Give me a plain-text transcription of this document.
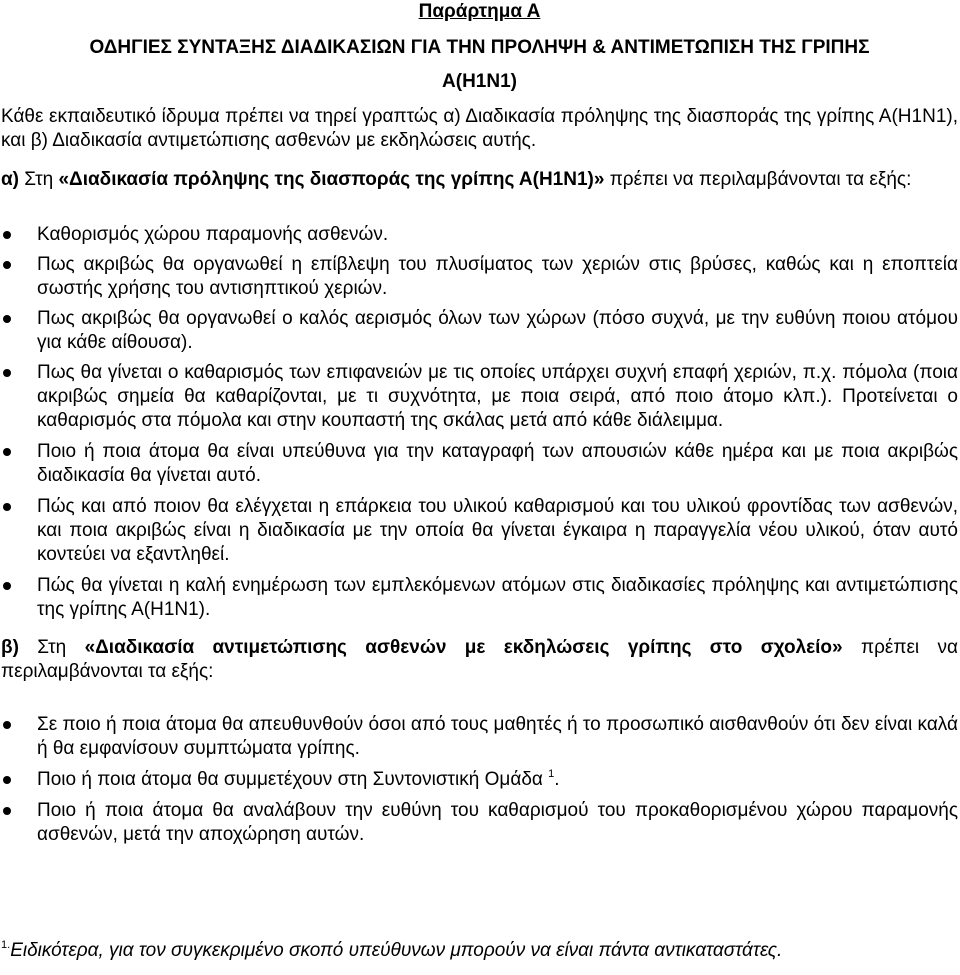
Παράρτημα Α
ΟΔΗΓΙΕΣ ΣΥΝΤΑΞΗΣ ΔΙΑΔΙΚΑΣΙΩΝ ΓΙΑ ΤΗΝ ΠΡΟΛΗΨΗ & ΑΝΤΙΜΕΤΩΠΙΣΗ ΤΗΣ ΓΡΙΠΗΣ
Α(Η1Ν1)
Κάθε εκπαιδευτικό ίδρυμα πρέπει να τηρεί γραπτώς α) Διαδικασία πρόληψης της διασποράς της γρίπης Α(Η1Ν1), και β) Διαδικασία αντιμετώπισης ασθενών με εκδηλώσεις αυτής.
α) Στη «Διαδικασία πρόληψης της διασποράς της γρίπης Α(Η1Ν1)» πρέπει να περιλαμβάνονται τα εξής:
Καθορισμός χώρου παραμονής ασθενών.
Πως ακριβώς θα οργανωθεί η επίβλεψη του πλυσίματος των χεριών στις βρύσες, καθώς και η εποπτεία σωστής χρήσης του αντισηπτικού χεριών.
Πως ακριβώς θα οργανωθεί ο καλός αερισμός όλων των χώρων (πόσο συχνά, με την ευθύνη ποιου ατόμου για κάθε αίθουσα).
Πως θα γίνεται ο καθαρισμός των επιφανειών με τις οποίες υπάρχει συχνή επαφή χεριών, π.χ. πόμολα (ποια ακριβώς σημεία θα καθαρίζονται, με τι συχνότητα, με ποια σειρά, από ποιο άτομο κλπ.). Προτείνεται ο καθαρισμός στα πόμολα και στην κουπαστή της σκάλας μετά από κάθε διάλειμμα.
Ποιο ή ποια άτομα θα είναι υπεύθυνα για την καταγραφή των απουσιών κάθε ημέρα και με ποια ακριβώς διαδικασία θα γίνεται αυτό.
Πώς και από ποιον θα ελέγχεται η επάρκεια του υλικού καθαρισμού και του υλικού φροντίδας των ασθενών, και ποια ακριβώς είναι η διαδικασία με την οποία θα γίνεται έγκαιρα η παραγγελία νέου υλικού, όταν αυτό κοντεύει να εξαντληθεί.
Πώς θα γίνεται η καλή ενημέρωση των εμπλεκόμενων ατόμων στις διαδικασίες πρόληψης και αντιμετώπισης της γρίπης Α(Η1Ν1).
β) Στη «Διαδικασία αντιμετώπισης ασθενών με εκδηλώσεις γρίπης στο σχολείο» πρέπει να περιλαμβάνονται τα εξής:
Σε ποιο ή ποια άτομα θα απευθυνθούν όσοι από τους μαθητές ή το προσωπικό αισθανθούν ότι δεν είναι καλά ή θα εμφανίσουν συμπτώματα γρίπης.
Ποιο ή ποια άτομα θα συμμετέχουν στη Συντονιστική Ομάδα $^1$.
Ποιο ή ποια άτομα θα αναλάβουν την ευθύνη του καθαρισμού του προκαθορισμένου χώρου παραμονής ασθενών, μετά την αποχώρηση αυτών.
$^{1.}$Ειδικότερα, για τον συγκεκριμένο σκοπό υπεύθυνων μπορούν να είναι πάντα αντικαταστάτες.
